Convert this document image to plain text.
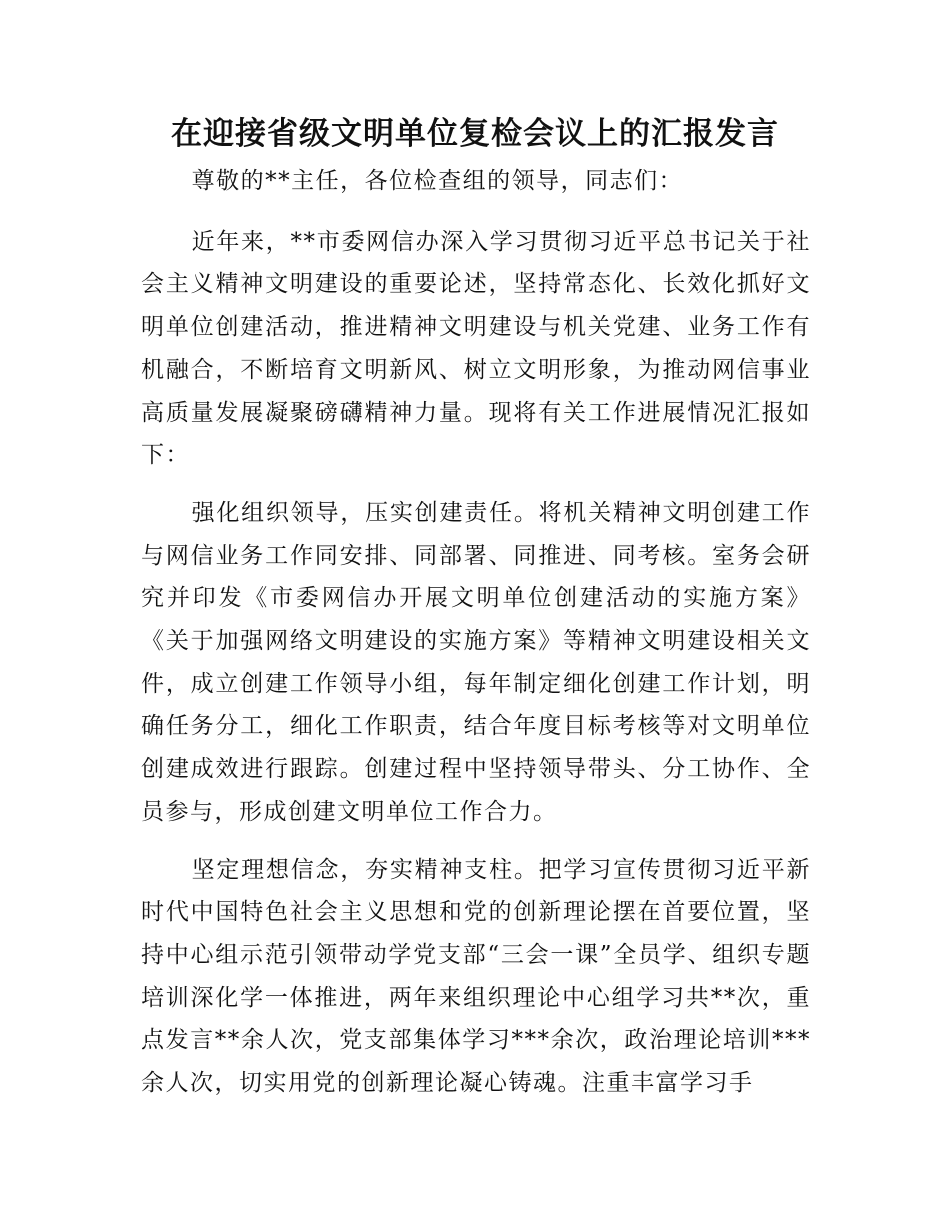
在迎接省级文明单位复检会议上的汇报发言

尊敬的**主任，各位检查组的领导，同志们：

近年来，**市委网信办深入学习贯彻习近平总书记关于社会主义精神文明建设的重要论述，坚持常态化、长效化抓好文明单位创建活动，推进精神文明建设与机关党建、业务工作有机融合，不断培育文明新风、树立文明形象，为推动网信事业高质量发展凝聚磅礴精神力量。现将有关工作进展情况汇报如下：

强化组织领导，压实创建责任。将机关精神文明创建工作与网信业务工作同安排、同部署、同推进、同考核。室务会研究并印发《市委网信办开展文明单位创建活动的实施方案》《关于加强网络文明建设的实施方案》等精神文明建设相关文件，成立创建工作领导小组，每年制定细化创建工作计划，明确任务分工，细化工作职责，结合年度目标考核等对文明单位创建成效进行跟踪。创建过程中坚持领导带头、分工协作、全员参与，形成创建文明单位工作合力。

坚定理想信念，夯实精神支柱。把学习宣传贯彻习近平新时代中国特色社会主义思想和党的创新理论摆在首要位置，坚持中心组示范引领带动学党支部“三会一课”全员学、组织专题培训深化学一体推进，两年来组织理论中心组学习共**次，重点发言**余人次，党支部集体学习***余次，政治理论培训***余人次，切实用党的创新理论凝心铸魂。注重丰富学习手
